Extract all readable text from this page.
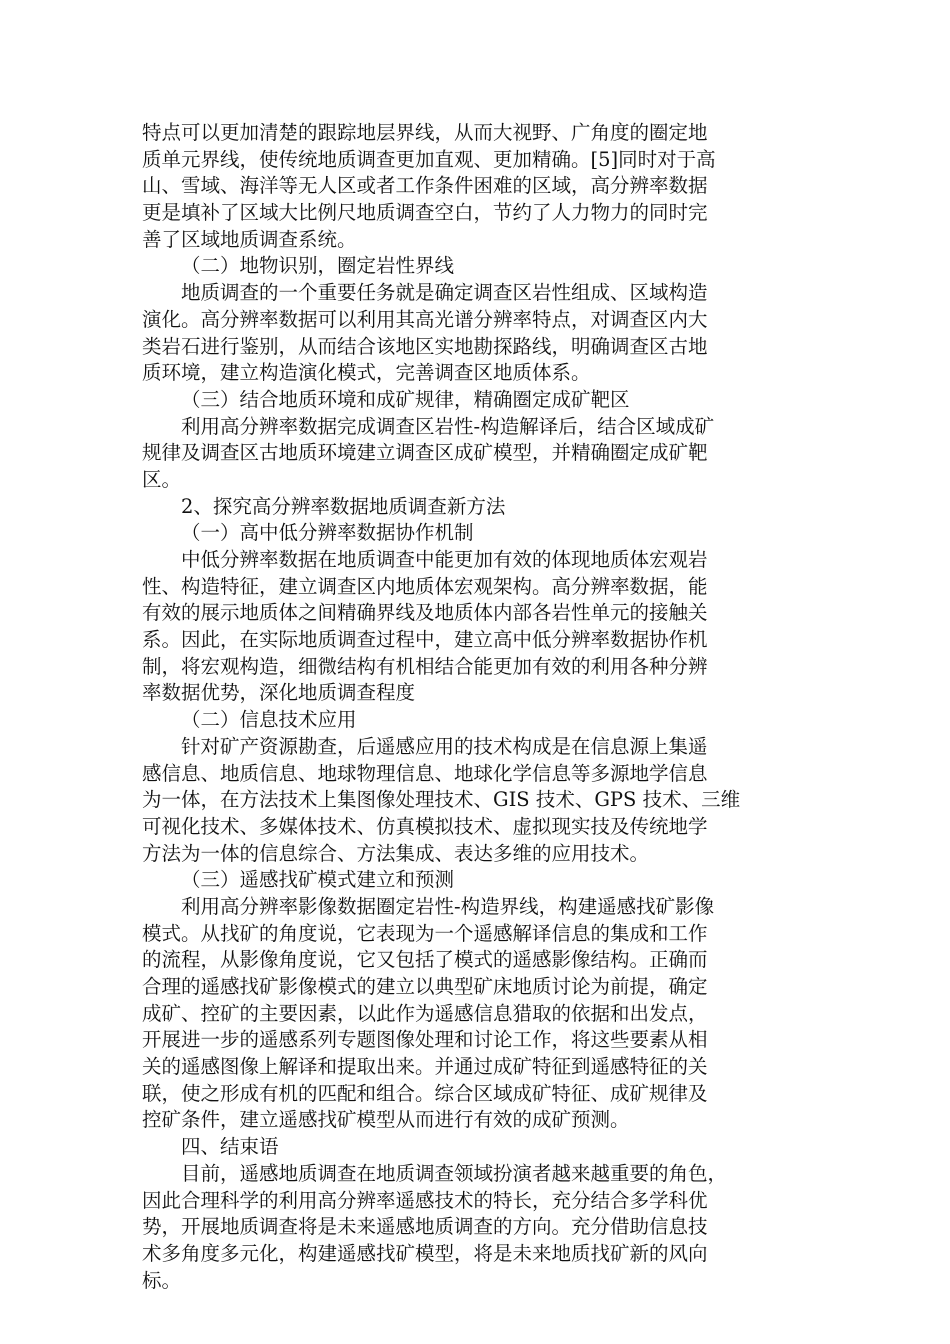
特点可以更加清楚的跟踪地层界线，从而大视野、广角度的圈定地
质单元界线，使传统地质调查更加直观、更加精确。[5]同时对于高
山、雪域、海洋等无人区或者工作条件困难的区域，高分辨率数据
更是填补了区域大比例尺地质调查空白，节约了人力物力的同时完
善了区域地质调查系统。
（二）地物识别，圈定岩性界线
地质调查的一个重要任务就是确定调查区岩性组成、区域构造
演化。高分辨率数据可以利用其高光谱分辨率特点，对调查区内大
类岩石进行鉴别，从而结合该地区实地勘探路线，明确调查区古地
质环境，建立构造演化模式，完善调查区地质体系。
（三）结合地质环境和成矿规律，精确圈定成矿靶区
利用高分辨率数据完成调查区岩性-构造解译后，结合区域成矿
规律及调查区古地质环境建立调查区成矿模型，并精确圈定成矿靶
区。
2、探究高分辨率数据地质调查新方法
（一）高中低分辨率数据协作机制
中低分辨率数据在地质调查中能更加有效的体现地质体宏观岩
性、构造特征，建立调查区内地质体宏观架构。高分辨率数据，能
有效的展示地质体之间精确界线及地质体内部各岩性单元的接触关
系。因此，在实际地质调查过程中，建立高中低分辨率数据协作机
制，将宏观构造，细微结构有机相结合能更加有效的利用各种分辨
率数据优势，深化地质调查程度
（二）信息技术应用
针对矿产资源勘查，后遥感应用的技术构成是在信息源上集遥
感信息、地质信息、地球物理信息、地球化学信息等多源地学信息
为一体，在方法技术上集图像处理技术、GIS 技术、GPS 技术、三维
可视化技术、多媒体技术、仿真模拟技术、虚拟现实技及传统地学
方法为一体的信息综合、方法集成、表达多维的应用技术。
（三）遥感找矿模式建立和预测
利用高分辨率影像数据圈定岩性-构造界线，构建遥感找矿影像
模式。从找矿的角度说，它表现为一个遥感解译信息的集成和工作
的流程，从影像角度说，它又包括了模式的遥感影像结构。正确而
合理的遥感找矿影像模式的建立以典型矿床地质讨论为前提，确定
成矿、控矿的主要因素，以此作为遥感信息猎取的依据和出发点，
开展进一步的遥感系列专题图像处理和讨论工作，将这些要素从相
关的遥感图像上解译和提取出来。并通过成矿特征到遥感特征的关
联，使之形成有机的匹配和组合。综合区域成矿特征、成矿规律及
控矿条件，建立遥感找矿模型从而进行有效的成矿预测。
四、结束语
目前，遥感地质调查在地质调查领域扮演者越来越重要的角色，
因此合理科学的利用高分辨率遥感技术的特长，充分结合多学科优
势，开展地质调查将是未来遥感地质调查的方向。充分借助信息技
术多角度多元化，构建遥感找矿模型，将是未来地质找矿新的风向
标。
